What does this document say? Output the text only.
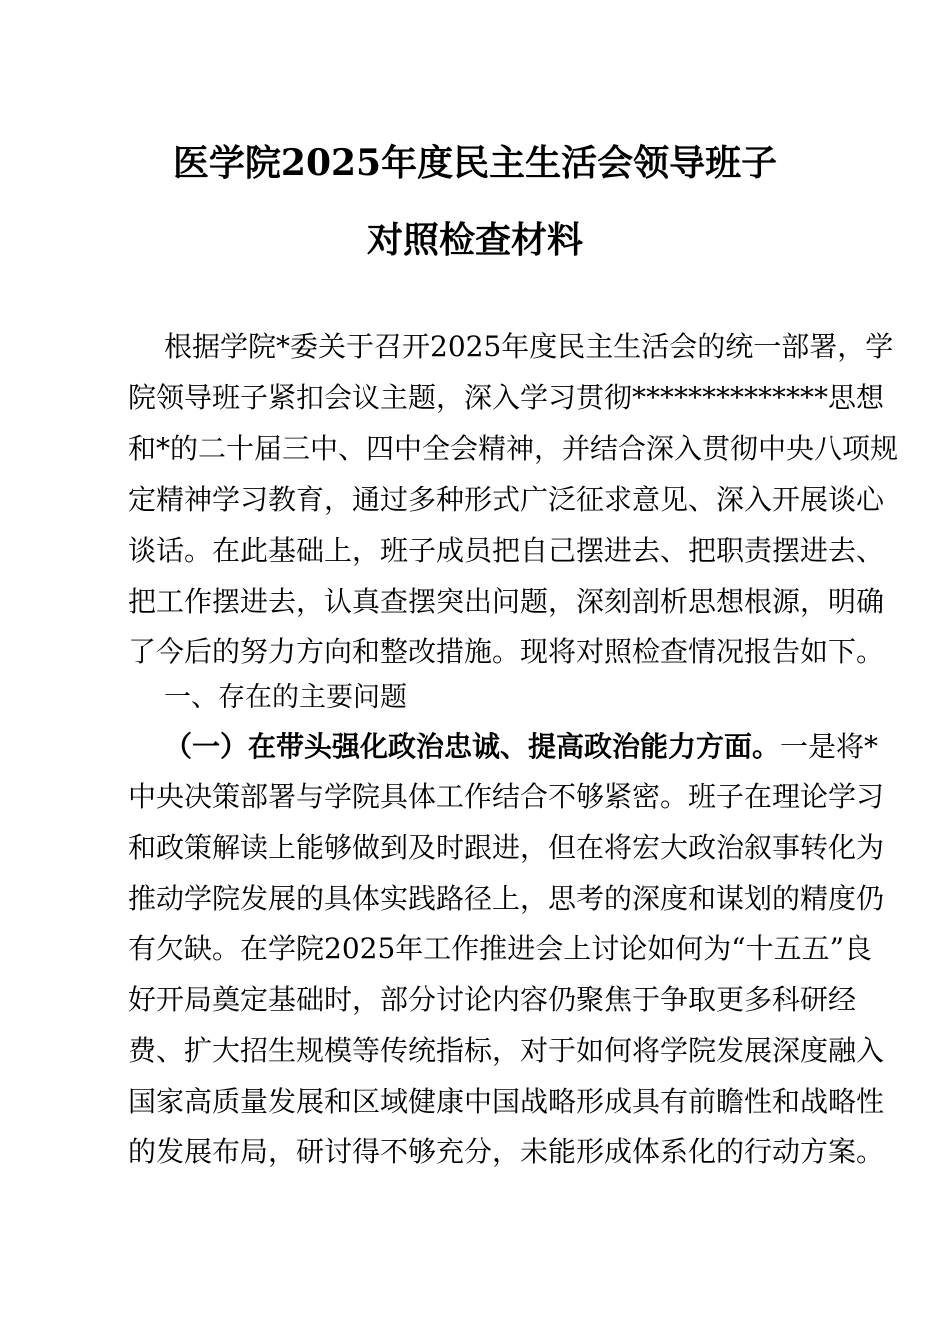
医学院2025年度民主生活会领导班子
对照检查材料
根据学院*委关于召开2025年度民主生活会的统一部署，学
院领导班子紧扣会议主题，深入学习贯彻**************思想
和*的二十届三中、四中全会精神，并结合深入贯彻中央八项规
定精神学习教育，通过多种形式广泛征求意见、深入开展谈心
谈话。在此基础上，班子成员把自己摆进去、把职责摆进去、
把工作摆进去，认真查摆突出问题，深刻剖析思想根源，明确
了今后的努力方向和整改措施。现将对照检查情况报告如下。
一、存在的主要问题
（一）在带头强化政治忠诚、提高政治能力方面。一是将*
中央决策部署与学院具体工作结合不够紧密。班子在理论学习
和政策解读上能够做到及时跟进，但在将宏大政治叙事转化为
推动学院发展的具体实践路径上，思考的深度和谋划的精度仍
有欠缺。在学院2025年工作推进会上讨论如何为“十五五”良
好开局奠定基础时，部分讨论内容仍聚焦于争取更多科研经
费、扩大招生规模等传统指标，对于如何将学院发展深度融入
国家高质量发展和区域健康中国战略形成具有前瞻性和战略性
的发展布局，研讨得不够充分，未能形成体系化的行动方案。
